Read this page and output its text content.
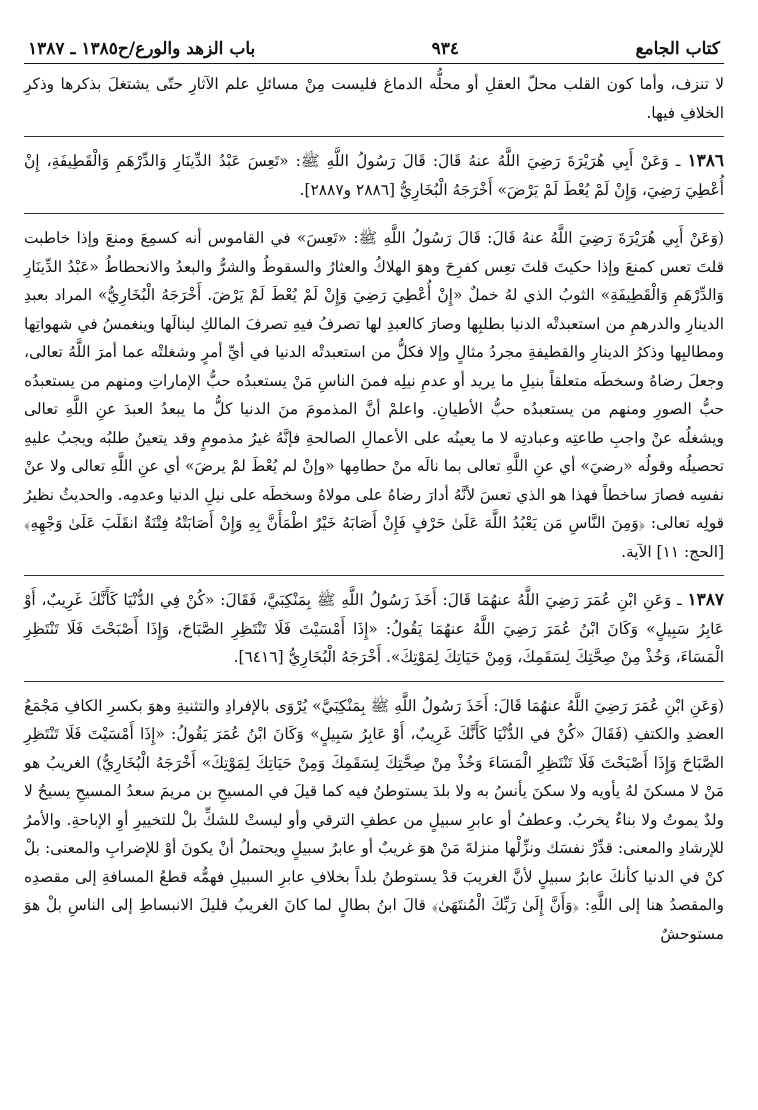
باب الزهد والورع/ح١٣٨٥ ـ ١٣٨٧	٩٣٤	كتاب الجامع

لا تنزف، وأما كون القلب محلّ العقلِ أو محلُّه الدماغ فليست مِنْ مسائلِ علم الآثارِ حتّى يشتغلَ بذكرها وذكرِ الخلافِ فيها.

١٣٨٦ ـ وَعَنْ أَبِي هُرَيْرَةَ رَضِيَ اللَّهُ عنهُ قَالَ: قَالَ رَسُولُ اللَّهِ ﷺ: «تَعِسَ عَبْدُ الدِّينَارِ وَالدِّرْهَمِ وَالْقَطِيفَةِ، إِنْ أُعْطِيَ رَضِيَ، وَإِنْ لَمْ يُعْطَ لَمْ يَرْضَ» أَخْرَجَهُ الْبُخَارِيُّ [٢٨٨٦ و٢٨٨٧].

(وَعَنْ أَبِي هُرَيْرَةَ رَضِيَ اللَّهُ عنهُ قَالَ: قَالَ رَسُولُ اللَّهِ ﷺ: «تَعِسَ» في القاموس أنه كسمِعَ ومنعَ وإذا خاطبت قلتَ تعس كمنعَ وإذا حكيتَ قلتَ تعِس كفرِحَ وهوَ الهلاكُ والعثارُ والسقوطُ والشرُّ والبعدُ والانحطاطُ «عَبْدُ الدِّينَارِ وَالدِّرْهَمِ وَالْقَطِيفَةِ» الثوبُ الذي لهُ خملٌ «إِنْ أُعْطِيَ رَضِيَ وَإِنْ لَمْ يُعْطَ لَمْ يَرْضَ. أَخْرَجَهُ الْبُخَارِيُّ» المراد بعبدِ الدينارِ والدرهمِ من استعبدتْه الدنيا بطلبِها وصارَ كالعبدِ لها تصرفُ فيهِ تصرفَ المالكِ لينالَها وينغمسُ في شهواتِها ومطالبِها وذكرُ الدينارِ والقطيفةِ مجردُ مثالٍ وإلا فكلُّ من استعبدتْه الدنيا في أيِّ أمرٍ وشغلتْه عما أمرَ اللَّهُ تعالى، وجعلَ رضاهُ وسخطَه متعلقاً بنيلِ ما يريد أو عدمِ نيلِه فمنَ الناسِ مَنْ يستعبدُه حبُّ الإماراتِ ومنهم من يستعبدُه حبُّ الصورِ ومنهم من يستعبدُه حبُّ الأطيانِ. واعلمْ أنَّ المذمومَ منَ الدنيا كلُّ ما يبعدُ العبدَ عنِ اللَّهِ تعالى ويشغلُه عنْ واجبِ طاعتِه وعبادتِه لا ما يعينُه على الأعمالِ الصالحةِ فإنَّهُ غيرُ مذمومٍ وقد يتعينُ طلبُه ويجبُ عليهِ تحصيلُه وقولُه «رضيَ» أي عنِ اللَّهِ تعالى بما نالَه منْ حطامِها «وإنْ لم يُعْطَ لمْ يرضَ» أي عنِ اللَّهِ تعالى ولا عنْ نفسِه فصارَ ساخطاً فهذا هو الذي تعسَ لأنَّهُ أدارَ رضاهُ على مولاهُ وسخطَه على نيلِ الدنيا وعدمِه. والحديثُ نظيرُ قولِه تعالى: ﴿وَمِنَ النَّاسِ مَن يَعْبُدُ اللَّهَ عَلَىٰ حَرْفٍ فَإِنْ أَصَابَهُ خَيْرٌ اطْمَأَنَّ بِهِ وَإِنْ أَصَابَتْهُ فِتْنَةٌ انقَلَبَ عَلَىٰ وَجْهِهِ﴾ [الحج: ١١] الآية.

١٣٨٧ ـ وَعَنِ ابْنِ عُمَرَ رَضِيَ اللَّهُ عنهُمَا قَالَ: أَخَذَ رَسُولُ اللَّهِ ﷺ بِمَنْكِبَيَّ، فَقَالَ: «كُنْ فِي الدُّنْيَا كَأَنَّكَ غَرِيبٌ، أَوْ عَابِرُ سَبِيلٍ» وَكَانَ ابْنُ عُمَرَ رَضِيَ اللَّهُ عنهُمَا يَقُولُ: «إِذَا أَمْسَيْتَ فَلَا تَنْتَظِرِ الصَّبَاحَ، وَإِذَا أَصْبَحْتَ فَلَا تَنْتَظِرِ الْمَسَاءَ، وَخُذْ مِنْ صِحَّتِكَ لِسَقَمِكَ، وَمِنْ حَيَاتِكَ لِمَوْتِكَ». أَخْرَجَهُ الْبُخَارِيُّ [٦٤١٦].

(وَعَنِ ابْنِ عُمَرَ رَضِيَ اللَّهُ عنهُمَا قَالَ: أَخَذَ رَسُولُ اللَّهِ ﷺ بِمَنْكِبَيَّ» يُرْوَى بالإفرادِ والتثنيةِ وهوَ بكسرِ الكافِ مَجْمَعُ العضدِ والكتفِ (فَقَالَ «كُنْ في الدُّنْيَا كَأَنَّكَ غَرِيبٌ، أَوْ عَابِرُ سَبِيلٍ» وَكَانَ ابْنُ عُمَرَ يَقُولُ: «إِذَا أَمْسَيْتَ فَلَا تَنْتَظِرِ الصَّبَاحَ وَإِذَا أَصْبَحْتَ فَلَا تَنْتَظِرِ الْمَسَاءَ وَخُذْ مِنْ صِحَّتِكَ لِسَقَمِكَ وَمِنْ حَيَاتِكَ لِمَوْتِكَ» أَخْرَجَهُ الْبُخَارِيُّ) الغريبُ هو مَنْ لا مسكنَ لهُ يأويه ولا سكنَ يأنسُ به ولا بلدَ يستوطنُ فيه كما قيلَ في المسيحِ بن مريمَ سعدُ المسيحِ يسيحُ لا ولدٌ يموتُ ولا بناءٌ يخربُ. وعطفُ أو عابرِ سبيلٍ من عطفِ الترقي وأو ليستْ للشكِّ بلْ للتخييرِ أوِ الإباحةِ. والأمرُ للإرشادِ والمعنى: قدِّرْ نفسَك ونزِّلْها منزلةَ مَنْ هوَ غريبٌ أو عابرُ سبيلٍ ويحتملُ أنْ يكونَ أوْ للإضرابِ والمعنى: بلْ كنْ في الدنيا كأنكَ عابرُ سبيلٍ لأنَّ الغريبَ قدْ يستوطنُ بلداً بخلافِ عابرِ السبيلِ فهمُّه قطعُ المسافةِ إلى مقصدِه والمقصدُ هنا إلى اللَّهِ: ﴿وَأَنَّ إِلَىٰ رَبِّكَ الْمُنتَهَىٰ﴾ قالَ ابنُ بطالٍ لما كانَ الغريبُ قليلَ الانبساطِ إلى الناسِ بلْ هوَ مستوحشٌ
